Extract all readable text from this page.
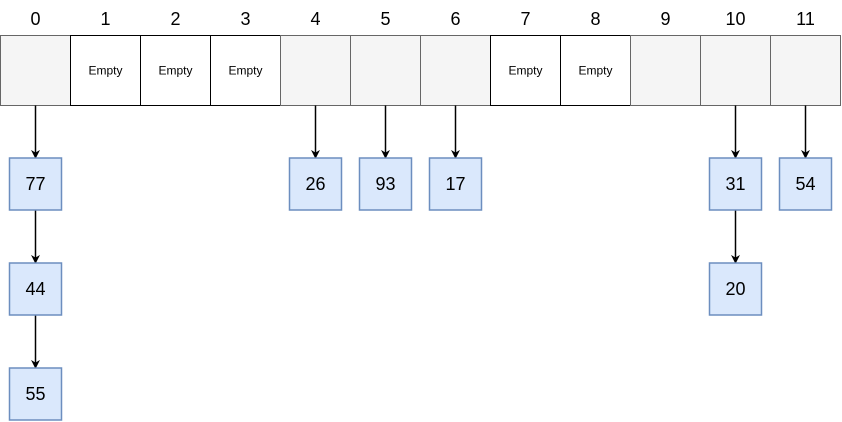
0	1
Empty
2
Empty
3
Empty
4	5	6	7
Empty
8
Empty
9	10	11
77
44
55
26	93	17	31
20
54
